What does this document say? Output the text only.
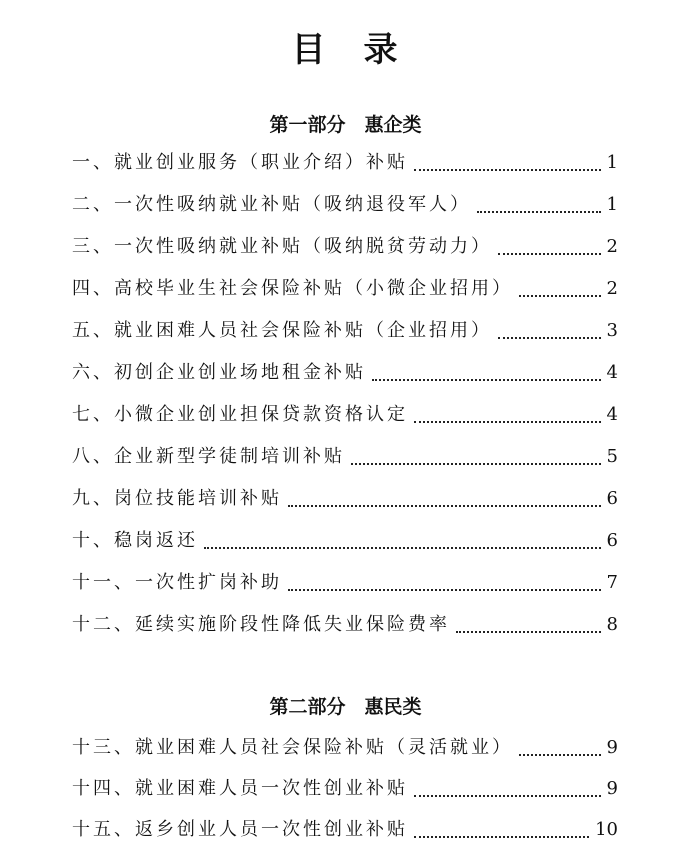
目　录
第一部分　惠企类
一、就业创业服务（职业介绍）补贴	1
二、一次性吸纳就业补贴（吸纳退役军人）	1
三、一次性吸纳就业补贴（吸纳脱贫劳动力）	2
四、高校毕业生社会保险补贴（小微企业招用）	2
五、就业困难人员社会保险补贴（企业招用）	3
六、初创企业创业场地租金补贴	4
七、小微企业创业担保贷款资格认定	4
八、企业新型学徒制培训补贴	5
九、岗位技能培训补贴	6
十、稳岗返还	6
十一、一次性扩岗补助	7
十二、延续实施阶段性降低失业保险费率	8
第二部分　惠民类
十三、就业困难人员社会保险补贴（灵活就业）	9
十四、就业困难人员一次性创业补贴	9
十五、返乡创业人员一次性创业补贴	10
